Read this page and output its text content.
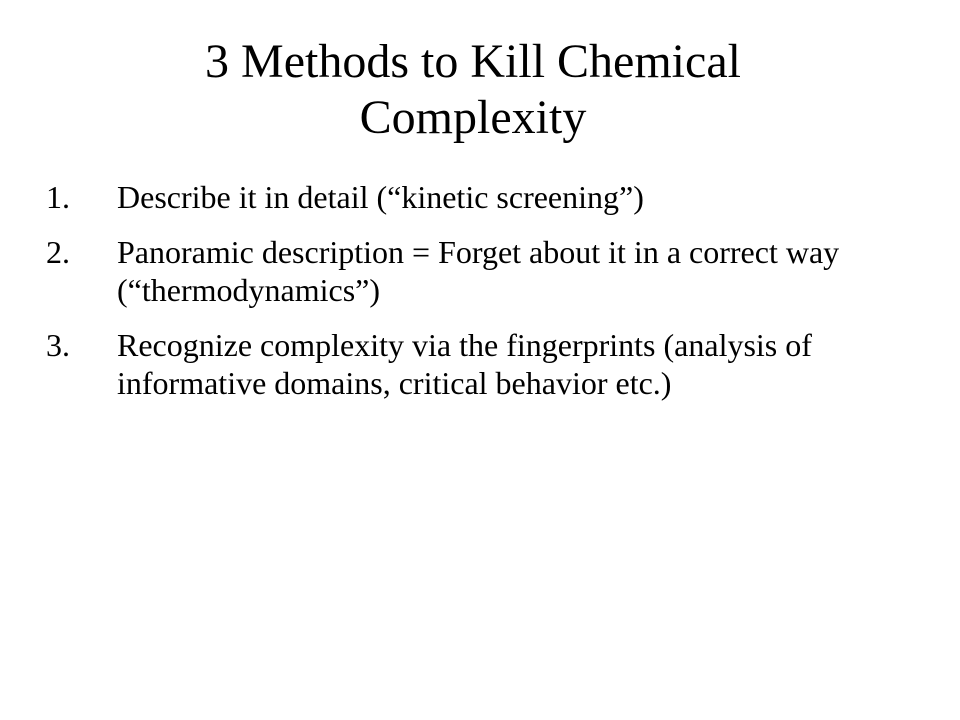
3 Methods to Kill Chemical
Complexity
1. Describe it in detail (“kinetic screening”)
2. Panoramic description = Forget about it in a correct way (“thermodynamics”)
3. Recognize complexity via the fingerprints (analysis of informative domains, critical behavior etc.)
